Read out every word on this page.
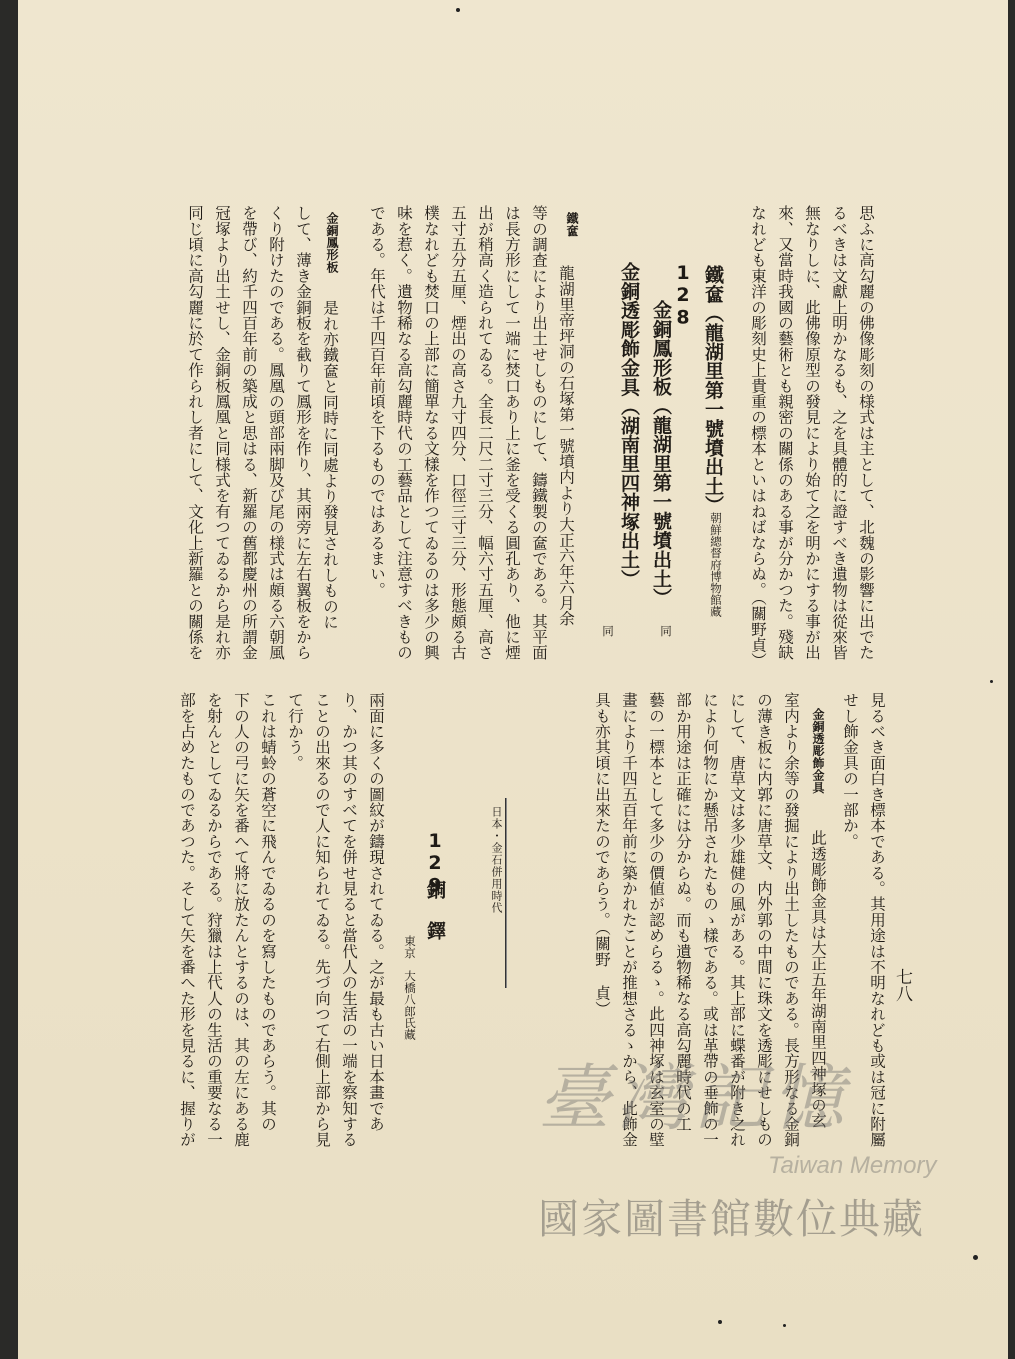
思ふに高勾麗の佛像彫刻の様式は主として、北魏の影響に出でた

るべきは文獻上明かなるも、之を具體的に證すべき遺物は從來皆

無なりしに、此佛像原型の發見により始て之を明かにする事が出

來、又當時我國の藝術とも親密の關係のある事が分かつた。殘缺

なれども東洋の彫刻史上貴重の標本といはねばならぬ。（關野貞）

鐵奩（龍湖里第一號墳出土）

朝鮮總督府博物館藏

128

金銅鳳形板（龍湖里第一號墳出土）

同

金銅透彫飾金具（湖南里四神塚出土）

同

鐵奩

龍湖里帝坪洞の石塚第一號墳内より大正六年六月余

等の調査により出土せしものにして、鑄鐵製の奩である。其平面

は長方形にして一端に焚口あり上に釜を受くる圓孔あり、他に煙

出が稍高く造られてゐる。全長二尺二寸三分、幅六寸五厘、高さ

五寸五分五厘、煙出の高さ九寸四分、口徑三寸三分、形態頗る古

樸なれども焚口の上部に簡單なる文樣を作つてゐるのは多少の興

味を惹く。遺物稀なる高勾麗時代の工藝品として注意すべきもの

である。年代は千四百年前頃を下るものではあるまい。

金銅鳳形板

是れ亦鐵奩と同時に同處より發見されしものに

して、薄き金銅板を截りて鳳形を作り、其兩旁に左右翼板をから

くり附けたのである。鳳凰の頭部兩脚及び尾の様式は頗る六朝風

を帶び、約千四百年前の築成と思はる、新羅の舊都慶州の所謂金

冠塚より出土せし、金銅板鳳凰と同様式を有つてゐるから是れ亦

同じ頃に高勾麗に於て作られし者にして、文化上新羅との關係を

七八

見るべき面白き標本である。其用途は不明なれども或は冠に附屬

せし飾金具の一部か。

金銅透彫飾金具

此透彫飾金具は大正五年湖南里四神塚の玄

室内より余等の發掘により出土したものである。長方形なる金銅

の薄き板に内郭に唐草文、内外郭の中間に珠文を透彫にせしもの

にして、唐草文は多少雄健の風がある。其上部に蝶番が附き之れ

により何物にか懸吊されたものゝ樣である。或は革帶の垂飾の一

部か用途は正確には分からぬ。而も遺物稀なる高勾麗時代の工

藝の一標本として多少の價値が認めらるゝ。此四神塚は玄室の壁

畫により千四五百年前に築かれたことが推想さるゝから、此飾金

具も亦其頃に出來たのであらう。（關野 貞）

日本・金石併用時代

129

銅鐸

東京　大橋八郎氏藏

兩面に多くの圖紋が鑄現されてゐる。之が最も古い日本畫であ

り、かつ其のすべてを併せ見ると當代人の生活の一端を察知する

ことの出來るので人に知られてゐる。先づ向つて右側上部から見

て行かう。

これは蜻蛉の蒼空に飛んでゐるのを寫したものであらう。其の

下の人の弓に矢を番へて將に放たんとするのは、其の左にある鹿

を射んとしてゐるからである。狩獵は上代人の生活の重要なる一

部を占めたものであつた。そして矢を番へた形を見るに、握りが	臺灣記憶
Taiwan Memory
國家圖書館數位典藏
